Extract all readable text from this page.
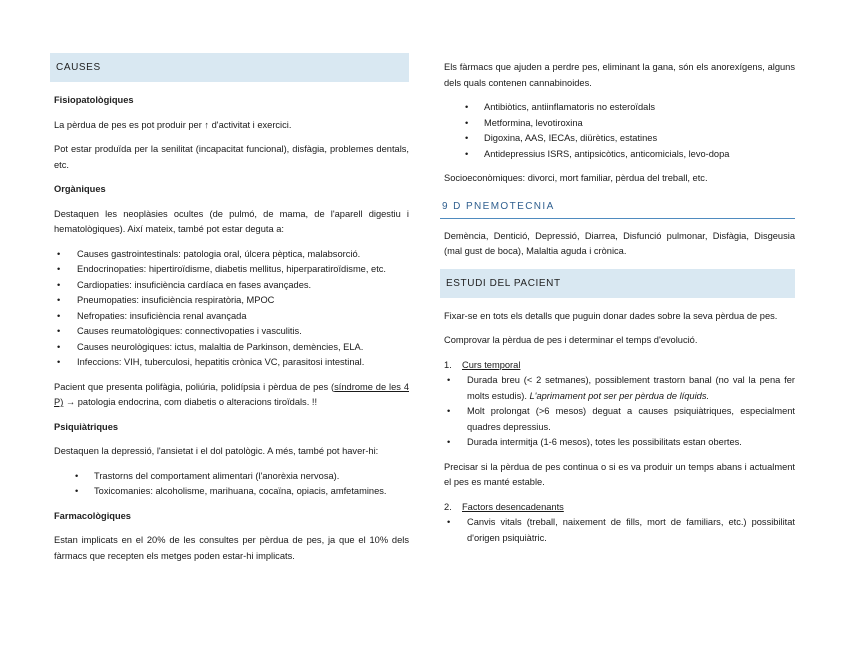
CAUSES
Fisiopatològiques

La pèrdua de pes es pot produir per ↑ d'activitat i exercici.

Pot estar produïda per la senilitat (incapacitat funcional), disfàgia, problemes dentals, etc.

Orgàniques

Destaquen les neoplàsies ocultes (de pulmó, de mama, de l'aparell digestiu i hematològiques). Així mateix, també pot estar deguta a:

• Causes gastrointestinals: patologia oral, úlcera pèptica, malabsorció.
• Endocrinopaties: hipertiroïdisme, diabetis mellitus, hiperparatiroïdisme, etc.
• Cardiopaties: insuficiència cardíaca en fases avançades.
• Pneumopaties: insuficiència respiratòria, MPOC
• Nefropaties: insuficiència renal avançada
• Causes reumatològiques: connectivopaties i vasculitis.
• Causes neurològiques: ictus, malaltia de Parkinson, demències, ELA.
• Infeccions: VIH, tuberculosi, hepatitis crònica VC, parasitosi intestinal.

Pacient que presenta polifàgia, poliúria, polidípsia i pèrdua de pes (síndrome de les 4 P) → patologia endocrina, com diabetis o alteracions tiroïdals. !!

Psiquiàtriques

Destaquen la depressió, l'ansietat i el dol patològic. A més, també pot haver-hi:

• Trastorns del comportament alimentari (l'anorèxia nervosa).
• Toxicomanies: alcoholisme, marihuana, cocaïna, opiacis, amfetamines.
Farmacològiques

Estan implicats en el 20% de les consultes per pèrdua de pes, ja que el 10% dels fàrmacs que recepten els metges poden estar-hi implicats.

Els fàrmacs que ajuden a perdre pes, eliminant la gana, són els anorexígens, alguns dels quals contenen cannabinoides.

• Antibiòtics, antiinflamatoris no esteroïdals
• Metformina, levotiroxina
• Digoxina, AAS, IECAs, diürètics, estatines
• Antidepressius ISRS, antipsicòtics, anticomicials, levo-dopa

Socioeconòmiques: divorci, mort familiar, pèrdua del treball, etc.

9 D PNEMOTECNIA

Demència, Dentició, Depressió, Diarrea, Disfunció pulmonar, Disfàgia, Disgeusia (mal gust de boca), Malaltia aguda i crònica.

ESTUDI DEL PACIENT

Fixar-se en tots els detalls que puguin donar dades sobre la seva pèrdua de pes.

Comprovar la pèrdua de pes i determinar el temps d'evolució.

1. Curs temporal
• Durada breu (< 2 setmanes), possiblement trastorn banal (no val la pena fer molts estudis). L'aprimament pot ser per pèrdua de líquids.
• Molt prolongat (>6 mesos) deguat a causes psiquiàtriques, especialment quadres depressius.
• Durada intermitja (1-6 mesos), totes les possibilitats estan obertes.

Precisar si la pèrdua de pes continua o si es va produir un temps abans i actualment el pes es manté estable.

2. Factors desencadenants
• Canvis vitals (treball, naixement de fills, mort de familiars, etc.) possibilitat d'origen psiquiàtric.
